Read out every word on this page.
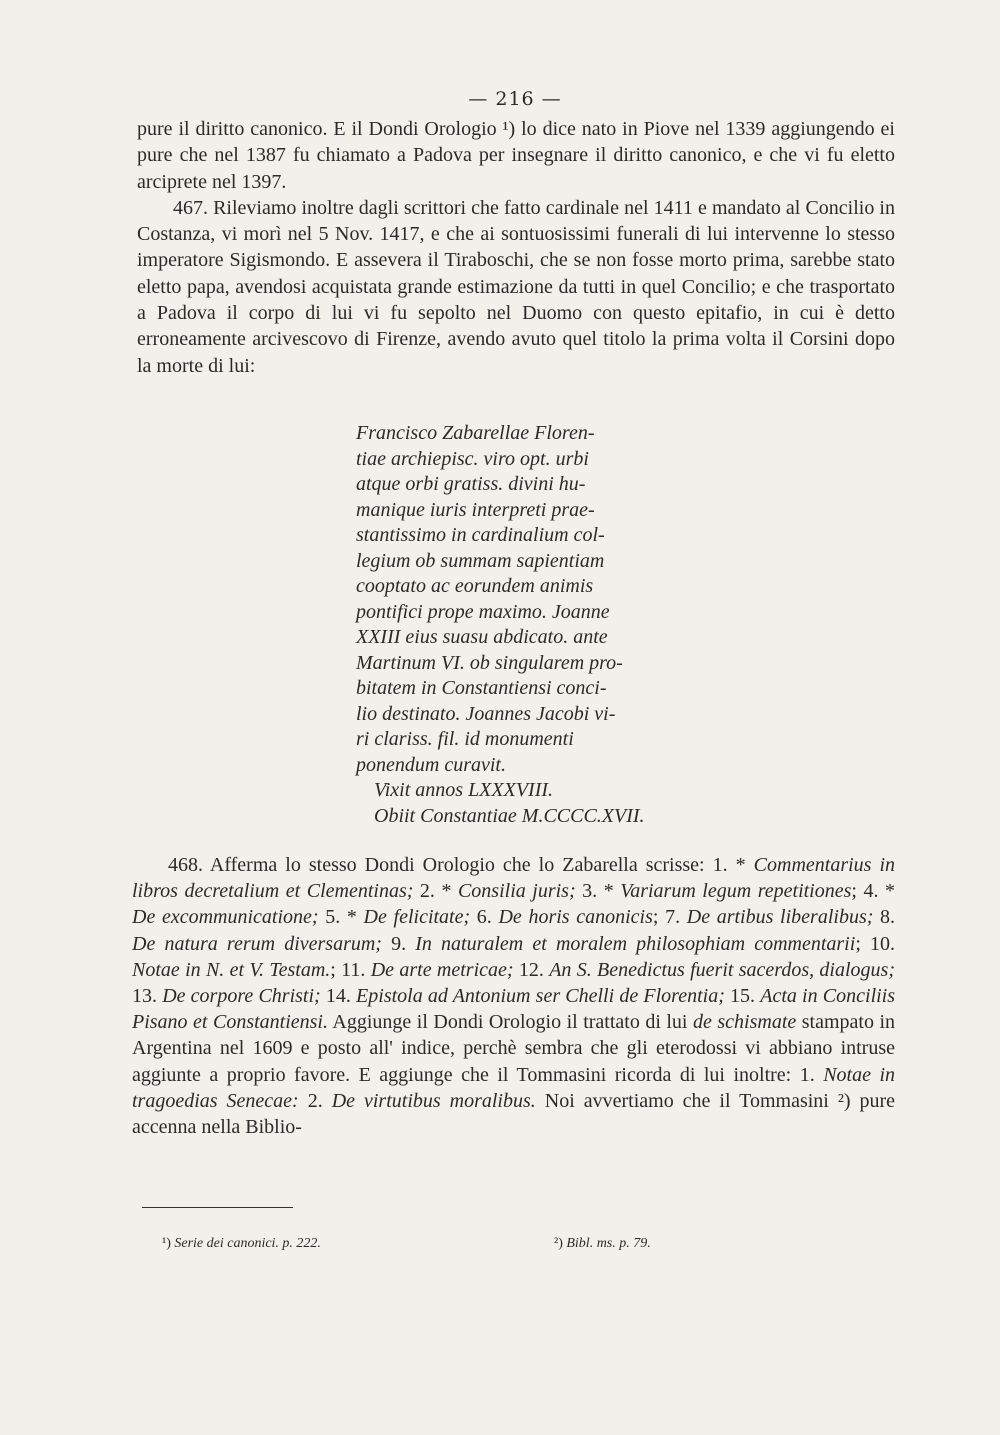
— 216 —

pure il diritto canonico. E il Dondi Orologio ¹) lo dice nato in Piove nel 1339 aggiungendo ei pure che nel 1387 fu chiamato a Padova per insegnare il diritto canonico, e che vi fu eletto arciprete nel 1397.

467. Rileviamo inoltre dagli scrittori che fatto cardinale nel 1411 e mandato al Concilio in Costanza, vi morì nel 5 Nov. 1417, e che ai sontuosissimi funerali di lui intervenne lo stesso imperatore Sigismondo. E assevera il Tiraboschi, che se non fosse morto prima, sarebbe stato eletto papa, avendosi acquistata grande estimazione da tutti in quel Concilio; e che trasportato a Padova il corpo di lui vi fu sepolto nel Duomo con questo epitafio, in cui è detto erroneamente arcivescovo di Firenze, avendo avuto quel titolo la prima volta il Corsini dopo la morte di lui:

Francisco Zabarellae Floren-
tiae archiepisc. viro opt. urbi
atque orbi gratiss. divini hu-
manique iuris interpreti prae-
stantissimo in cardinalium col-
legium ob summam sapientiam
cooptato ac eorundem animis
pontifici prope maximo. Joanne
XXIII eius suasu abdicato. ante
Martinum VI. ob singularem pro-
bitatem in Constantiensi conci-
lio destinato. Joannes Jacobi vi-
ri clariss. fil. id monumenti
ponendum curavit.
Vixit annos LXXXVIII.
Obiit Constantiae M.CCCC.XVII.

468. Afferma lo stesso Dondi Orologio che lo Zabarella scrisse: 1. * Commentarius in libros decretalium et Clementinas; 2. * Consilia juris; 3. * Variarum legum repetitiones; 4. * De excommunicatione; 5. * De felicitate; 6. De horis canonicis; 7. De artibus liberalibus; 8. De natura rerum diversarum; 9. In naturalem et moralem philosophiam commentarii; 10. Notae in N. et V. Testam.; 11. De arte metricae; 12. An S. Benedictus fuerit sacerdos, dialogus; 13. De corpore Christi; 14. Epistola ad Antonium ser Chelli de Florentia; 15. Acta in Conciliis Pisano et Constantiensi. Aggiunge il Dondi Orologio il trattato di lui de schismate stampato in Argentina nel 1609 e posto all' indice, perchè sembra che gli eterodossi vi abbiano intruse aggiunte a proprio favore. E aggiunge che il Tommasini ricorda di lui inoltre: 1. Notae in tragoedias Senecae: 2. De virtutibus moralibus. Noi avvertiamo che il Tommasini ²) pure accenna nella Biblio-

¹) Serie dei canonici. p. 222.	²) Bibl. ms. p. 79.
